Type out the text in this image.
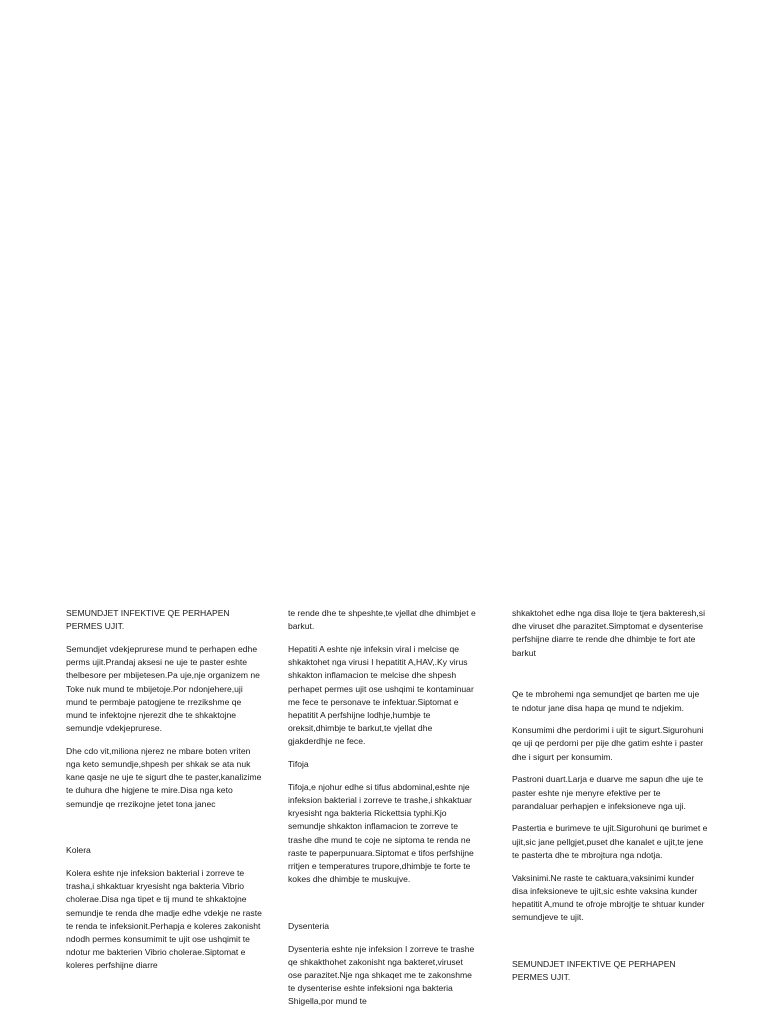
SEMUNDJET INFEKTIVE QE PERHAPEN PERMES UJIT.

Semundjet vdekjeprurese mund te perhapen edhe perms ujit.Prandaj aksesi ne uje te paster eshte thelbesore per mbijetesen.Pa uje,nje organizem ne Toke nuk mund te mbijetoje.Por ndonjehere,uji mund te permbaje patogjene te rrezikshme qe mund te infektojne njerezit dhe te shkaktojne semundje vdekjeprurese.

Dhe cdo vit,miliona njerez ne mbare boten vriten nga keto semundje,shpesh per shkak se ata nuk kane qasje ne uje te sigurt dhe te paster,kanalizime te duhura dhe higjene te mire.Disa nga keto semundje qe rrezikojne jetet tona janec

Kolera

Kolera eshte nje infeksion bakterial i zorreve te trasha,i shkaktuar kryesisht nga bakteria Vibrio cholerae.Disa nga tipet e tij mund te shkaktojne semundje te renda dhe madje edhe vdekje ne raste te renda te infeksionit.Perhapja e koleres zakonisht ndodh permes konsumimit te ujit ose ushqimit te ndotur me bakterien Vibrio cholerae.Siptomat e koleres perfshijne diarre

te rende dhe te shpeshte,te vjellat dhe dhimbjet e barkut.

Hepatiti A eshte nje infeksin viral i melcise qe shkaktohet nga virusi I hepatitit A,HAV,.Ky virus shkakton inflamacion te melcise dhe shpesh perhapet permes ujit ose ushqimi te kontaminuar me fece te personave te infektuar.Siptomat e hepatitit A perfshijne lodhje,humbje te oreksit,dhimbje te barkut,te vjellat dhe gjakderdhje ne fece.

Tifoja

Tifoja,e njohur edhe si tifus abdominal,eshte nje infeksion bakterial i zorreve te trashe,i shkaktuar kryesisht nga bakteria Rickettsia typhi.Kjo semundje shkakton inflamacion te zorreve te trashe dhe mund te coje ne siptoma te renda ne raste te paperpunuara.Siptomat e tifos perfshijne rritjen e temperatures trupore,dhimbje te forte te kokes dhe dhimbje te muskujve.

Dysenteria

Dysenteria eshte nje infeksion I zorreve te trashe qe shkakthohet zakonisht nga bakteret,viruset ose parazitet.Nje nga shkaqet me te zakonshme te dysenterise eshte infeksioni nga bakteria Shigella,por mund te

shkaktohet edhe nga disa lloje te tjera bakteresh,si dhe viruset dhe parazitet.Simptomat e dysenterise perfshijne diarre te rende dhe dhimbje te fort ate barkut

Qe te mbrohemi nga semundjet qe barten me uje te ndotur jane disa hapa qe mund te ndjekim.

Konsumimi dhe perdorimi i ujit te sigurt.Sigurohuni qe uji qe perdorni per pije dhe gatim eshte i paster dhe i sigurt per konsumim.

Pastroni duart.Larja e duarve me sapun dhe uje te paster eshte nje menyre efektive per te parandaluar perhapjen e infeksioneve nga uji.

Pastertia e burimeve te ujit.Sigurohuni qe burimet e ujit,sic jane pellgjet,puset dhe kanalet e ujit,te jene te pasterta dhe te mbrojtura nga ndotja.

Vaksinimi.Ne raste te caktuara,vaksinimi kunder disa infeksioneve te ujit,sic eshte vaksina kunder hepatitit A,mund te ofroje mbrojtje te shtuar kunder semundjeve te ujit.

SEMUNDJET INFEKTIVE QE PERHAPEN PERMES UJIT.
